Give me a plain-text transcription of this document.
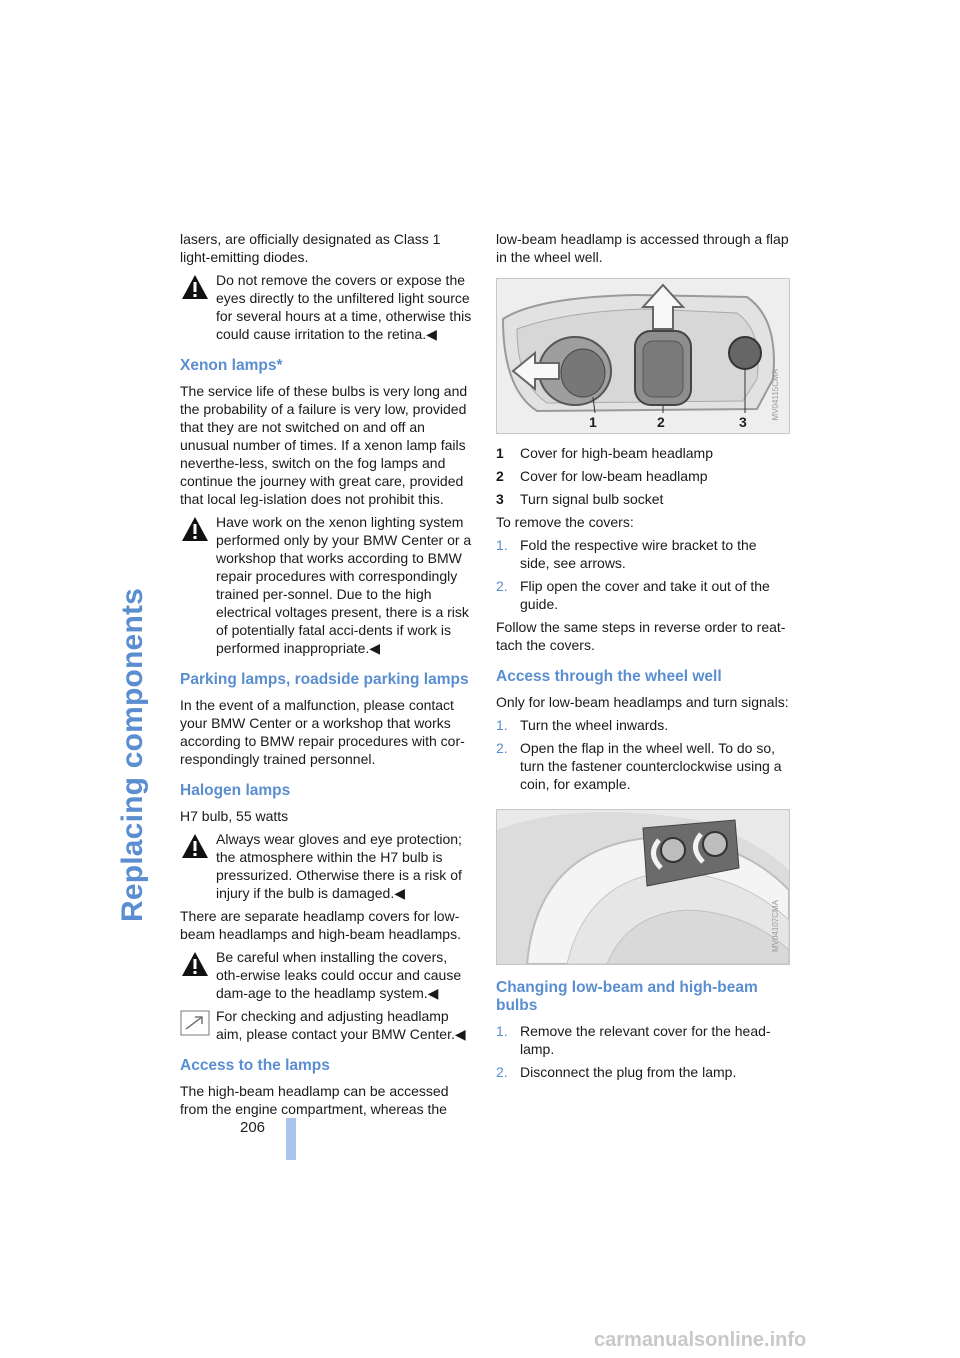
Replacing components
206

lasers, are officially designated as Class 1 light-emitting diodes.

Do not remove the covers or expose the eyes directly to the unfiltered light source for several hours at a time, otherwise this could cause irritation to the retina.◀
Xenon lamps*

The service life of these bulbs is very long and the probability of a failure is very low, provided that they are not switched on and off an unusual number of times. If a xenon lamp fails neverthe-less, switch on the fog lamps and continue the journey with great care, provided that local leg-islation does not prohibit this.

Have work on the xenon lighting system performed only by your BMW Center or a workshop that works according to BMW repair procedures with correspondingly trained per-sonnel. Due to the high electrical voltages present, there is a risk of potentially fatal acci-dents if work is performed inappropriate.◀
Parking lamps, roadside parking lamps

In the event of a malfunction, please contact your BMW Center or a workshop that works according to BMW repair procedures with cor-respondingly trained personnel.

Halogen lamps

H7 bulb, 55 watts

Always wear gloves and eye protection; the atmosphere within the H7 bulb is pressurized. Otherwise there is a risk of injury if the bulb is damaged.◀

There are separate headlamp covers for low-beam headlamps and high-beam headlamps.

Be careful when installing the covers, oth-erwise leaks could occur and cause dam-age to the headlamp system.◀
For checking and adjusting headlamp aim, please contact your BMW Center.◀
Access to the lamps

The high-beam headlamp can be accessed from the engine compartment, whereas the

low-beam headlamp is accessed through a flap in the wheel well.

1	2	3
MV04115CMA
1 Cover for high-beam headlamp
2 Cover for low-beam headlamp
3 Turn signal bulb socket

To remove the covers:

1. Fold the respective wire bracket to the side, see arrows.
2. Flip open the cover and take it out of the guide.

Follow the same steps in reverse order to reat-tach the covers.

Access through the wheel well

Only for low-beam headlamps and turn signals:

1. Turn the wheel inwards.
2. Open the flap in the wheel well. To do so, turn the fastener counterclockwise using a coin, for example.
MV04107CMA
Changing low-beam and high-beam bulbs
1. Remove the relevant cover for the head-lamp.
2. Disconnect the plug from the lamp.
carmanualsonline.info
